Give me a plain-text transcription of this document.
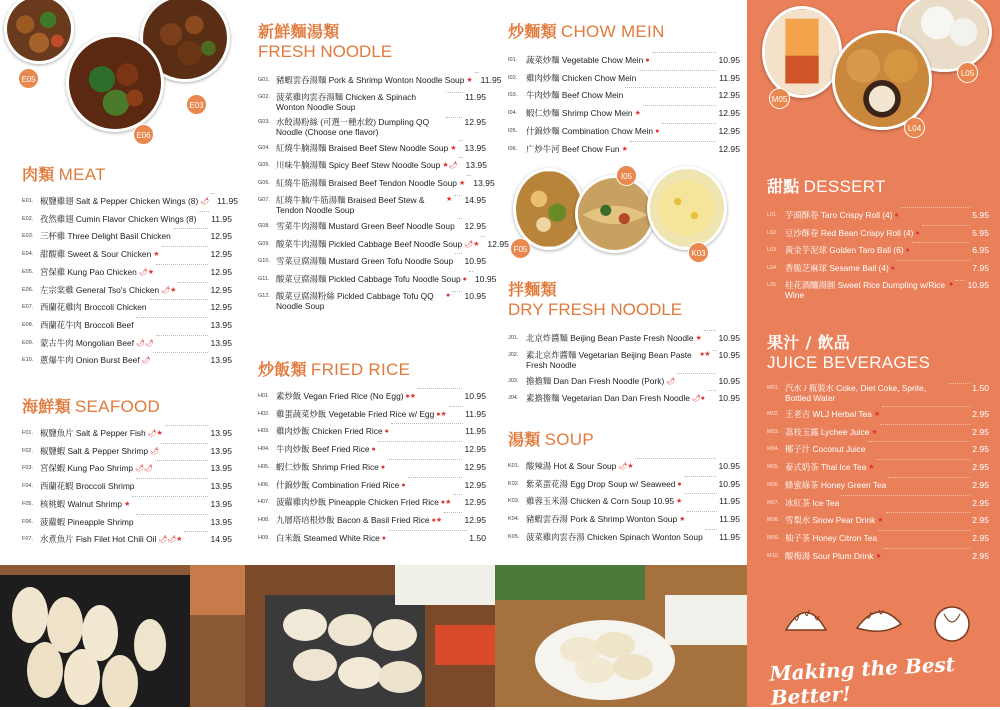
E05
E03
E06
肉類 MEAT
E01. 椒鹽雞翅 Salt & Pepper Chicken Wings (8) 🌶 11.95
E02. 孜然雞翅 Cumin Flavor Chicken Wings (8) 11.95
E03. 三杯雞 Three Delight Basil Chicken	12.95
E04. 甜酸雞 Sweet & Sour Chicken ★	12.95
E05. 宮保雞 Kung Pao Chicken 🌶★	12.95
E06. 左宗棠雞 General Tso's Chicken 🌶★	12.95
E07. 西蘭花雞肉 Broccoli Chicken	12.95
E08. 西蘭花牛肉 Broccoli Beef	13.95
E09. 蒙古牛肉 Mongolian Beef 🌶🌶	13.95
E10. 蔥爆牛肉 Onion Burst Beef 🌶	13.95
海鮮類 SEAFOOD
F01. 椒鹽魚片 Salt & Pepper Fish 🌶★	13.95
F02. 椒鹽蝦 Salt & Pepper Shrimp 🌶	13.95
F03. 宮保蝦 Kung Pao Shrimp 🌶🌶	13.95
F04. 西蘭花蝦 Broccoli Shrimp	13.95
F05. 核桃蝦 Walnut Shrimp ★	13.95
F06. 菠蘿蝦 Pineapple Shrimp	13.95
F07. 水煮魚片 Fish Filet Hot Chili Oil 🌶🌶★	14.95
新鮮麵湯類
FRESH NOODLE
G01. 豬蝦雲吞湯麵 Pork & Shrimp Wonton Noodle Soup ★ 11.95
G02. 菠菜雞肉雲吞湯麵 Chicken & Spinach Wonton Noodle Soup
11.95
G03. 水餃湯粉絲 (可選一種水餃) Dumpling QQ Noodle (Choose one flavor)
12.95
G04. 紅燒牛腩湯麵 Braised Beef Stew Noodle Soup ★ 13.95
G05. 川味牛腩湯麵 Spicy Beef Stew Noodle Soup ★🌶 13.95
G06. 紅燒牛筋湯麵 Braised Beef Tendon Noodle Soup ★ 13.95
G07. 紅燒牛腩/牛筋湯麵 Braised Beef Stew & Tendon Noodle Soup
★ 14.95
G08. 雪菜牛肉湯麵 Mustard Green Beef Noodle Soup 12.95
G09. 酸菜牛肉湯麵 Pickled Cabbage Beef Noodle Soup 🌶★ 12.95
G10. 雪菜豆腐湯麵 Mustard Green Tofu Noodle Soup 10.95
G11. 酸菜豆腐湯麵 Pickled Cabbage Tofu Noodle Soup ● 10.95
G12. 酸菜豆腐湯粉絲 Pickled Cabbage Tofu QQ Noodle Soup
● 10.95
炒飯類 FRIED RICE
H01. 素炒飯 Vegan Fried Rice (No Egg) ●★	10.95
H02. 雞蛋蔬菜炒飯 Vegetable Fried Rice w/ Egg ●★ 11.95
H03. 雞肉炒飯 Chicken Fried Rice ●	11.95
H04. 牛肉炒飯 Beef Fried Rice ●	12.95
H05. 蝦仁炒飯 Shrimp Fried Rice ●	12.95
H06. 什錦炒飯 Combination Fried Rice ●	12.95
H07. 菠蘿雞肉炒飯 Pineapple Chicken Fried Rice ●★ 12.95
H08. 九層塔培根炒飯 Bacon & Basil Fried Rice ●★	12.95
H09. 白米飯 Steamed White Rice ●	1.50
炒麵類 CHOW MEIN
I01.	蔬菜炒麵 Vegetable Chow Mein ●	10.95
I02.	雞肉炒麵 Chicken Chow Mein	11.95
I03.	牛肉炒麵 Beef Chow Mein	12.95
I04.	蝦仁炒麵 Shrimp Chow Mein ★	12.95
I05.	什錦炒麵 Combination Chow Mein ●	12.95
I06.	广炒牛河 Beef Chow Fun ★	12.95
F05
I05
K03
拌麵類
DRY FRESH NOODLE
J01. 北京炸醬麵 Beijing Bean Paste Fresh Noodle ★ 10.95
J02. 素北京炸醬麵 Vegetarian Beijing Bean Paste Fresh Noodle
●★ 10.95
J03. 擔擔麵 Dan Dan Fresh Noodle (Pork) 🌶	10.95
J04. 素擔擔麵 Vegetarian Dan Dan Fresh Noodle 🌶● 10.95
湯類 SOUP
K01. 酸辣湯 Hot & Sour Soup 🌶★	10.95
K02. 紫菜蛋花湯 Egg Drop Soup w/ Seaweed ●	10.95
K03. 雞蓉玉米湯 Chicken & Corn Soup 10.95 ★	11.95
K04. 豬蝦雲吞湯 Pork & Shrimp Wonton Soup ★	11.95
K05. 菠菜雞肉雲吞湯 Chicken Spinach Wonton Soup 11.95
M05
L05
L04
甜點 DESSERT
L01. 芋頭酥卷 Taro Crispy Roll (4) ●	5.95
L02. 豆沙酥卷 Red Bean Crispy Roll (4) ●	5.95
L03. 黃金芋泥球 Golden Taro Ball (6) ●	6.95
L04. 香脆芝麻球 Sesame Ball (4) ●	7.95
L05. 桂花酒釀湯圓 Sweet Rice Dumpling w/Rice Wine
● 10.95
果汁 / 飲品
JUICE BEVERAGES
M01. 汽水 / 瓶裝水 Coke, Diet Coke, Sprite, Bottled Water
1.50
M02. 王老吉 WLJ Herbal Tea ★	2.95
M03. 荔枝玉露 Lychee Juice ★	2.95
M04. 椰子汁 Coconut Juice	2.95
M05. 泰式奶茶 Thai Ice Tea ★	2.95
M06. 蜂蜜綠茶 Honey Green Tea	2.95
M07. 冰紅茶 Ice Tea	2.95
M08. 雪梨水 Snow Pear Drink ★	2.95
M09. 柚子茶 Honey Citron Tea	2.95
M10. 酸梅湯 Sour Plum Drink ★	2.95
Making the Best Better!
